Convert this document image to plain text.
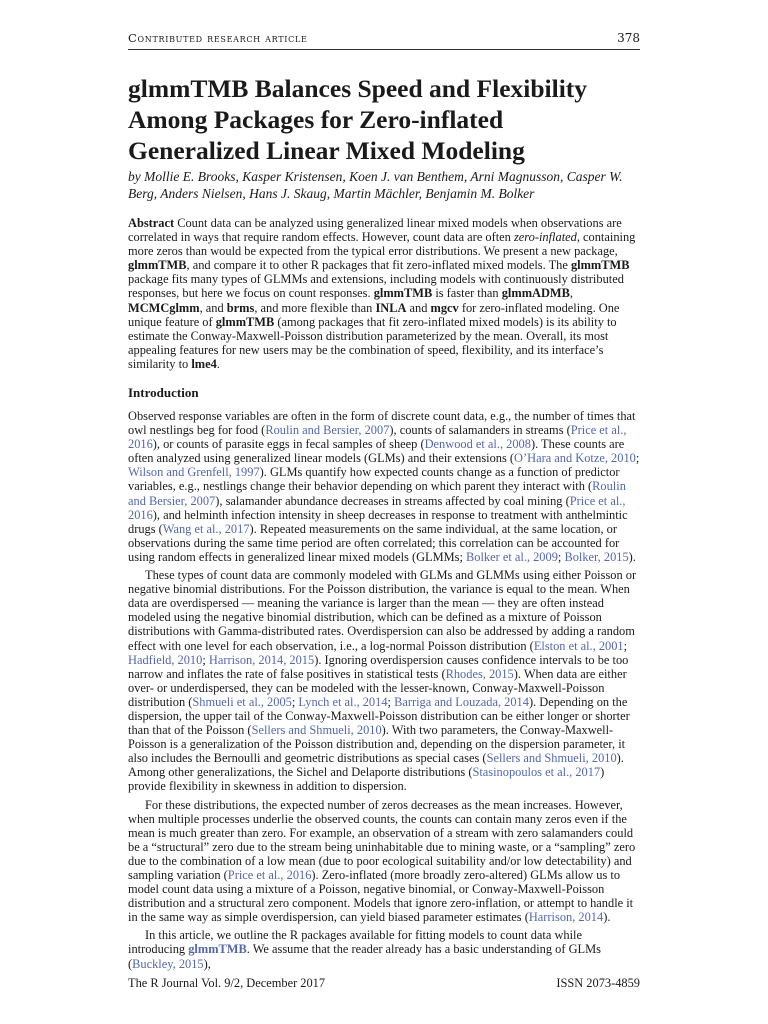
Contributed research article	378
glmmTMB Balances Speed and Flexibility Among Packages for Zero-inflated Generalized Linear Mixed Modeling

by Mollie E. Brooks, Kasper Kristensen, Koen J. van Benthem, Arni Magnusson, Casper W. Berg, Anders Nielsen, Hans J. Skaug, Martin Mächler, Benjamin M. Bolker

Abstract Count data can be analyzed using generalized linear mixed models when observations are correlated in ways that require random effects. However, count data are often zero-inflated, containing more zeros than would be expected from the typical error distributions. We present a new package, glmmTMB, and compare it to other R packages that fit zero-inflated mixed models. The glmmTMB package fits many types of GLMMs and extensions, including models with continuously distributed responses, but here we focus on count responses. glmmTMB is faster than glmmADMB, MCMCglmm, and brms, and more flexible than INLA and mgcv for zero-inflated modeling. One unique feature of glmmTMB (among packages that fit zero-inflated mixed models) is its ability to estimate the Conway-Maxwell-Poisson distribution parameterized by the mean. Overall, its most appealing features for new users may be the combination of speed, flexibility, and its interface’s similarity to lme4.

Introduction

Observed response variables are often in the form of discrete count data, e.g., the number of times that owl nestlings beg for food (Roulin and Bersier, 2007), counts of salamanders in streams (Price et al., 2016), or counts of parasite eggs in fecal samples of sheep (Denwood et al., 2008). These counts are often analyzed using generalized linear models (GLMs) and their extensions (O’Hara and Kotze, 2010; Wilson and Grenfell, 1997). GLMs quantify how expected counts change as a function of predictor variables, e.g., nestlings change their behavior depending on which parent they interact with (Roulin and Bersier, 2007), salamander abundance decreases in streams affected by coal mining (Price et al., 2016), and helminth infection intensity in sheep decreases in response to treatment with anthelmintic drugs (Wang et al., 2017). Repeated measurements on the same individual, at the same location, or observations during the same time period are often correlated; this correlation can be accounted for using random effects in generalized linear mixed models (GLMMs; Bolker et al., 2009; Bolker, 2015).

These types of count data are commonly modeled with GLMs and GLMMs using either Poisson or negative binomial distributions. For the Poisson distribution, the variance is equal to the mean. When data are overdispersed — meaning the variance is larger than the mean — they are often instead modeled using the negative binomial distribution, which can be defined as a mixture of Poisson distributions with Gamma-distributed rates. Overdispersion can also be addressed by adding a random effect with one level for each observation, i.e., a log-normal Poisson distribution (Elston et al., 2001; Hadfield, 2010; Harrison, 2014, 2015). Ignoring overdispersion causes confidence intervals to be too narrow and inflates the rate of false positives in statistical tests (Rhodes, 2015). When data are either over- or underdispersed, they can be modeled with the lesser-known, Conway-Maxwell-Poisson distribution (Shmueli et al., 2005; Lynch et al., 2014; Barriga and Louzada, 2014). Depending on the dispersion, the upper tail of the Conway-Maxwell-Poisson distribution can be either longer or shorter than that of the Poisson (Sellers and Shmueli, 2010). With two parameters, the Conway-Maxwell-Poisson is a generalization of the Poisson distribution and, depending on the dispersion parameter, it also includes the Bernoulli and geometric distributions as special cases (Sellers and Shmueli, 2010). Among other generalizations, the Sichel and Delaporte distributions (Stasinopoulos et al., 2017) provide flexibility in skewness in addition to dispersion.

For these distributions, the expected number of zeros decreases as the mean increases. However, when multiple processes underlie the observed counts, the counts can contain many zeros even if the mean is much greater than zero. For example, an observation of a stream with zero salamanders could be a “structural” zero due to the stream being uninhabitable due to mining waste, or a “sampling” zero due to the combination of a low mean (due to poor ecological suitability and/or low detectability) and sampling variation (Price et al., 2016). Zero-inflated (more broadly zero-altered) GLMs allow us to model count data using a mixture of a Poisson, negative binomial, or Conway-Maxwell-Poisson distribution and a structural zero component. Models that ignore zero-inflation, or attempt to handle it in the same way as simple overdispersion, can yield biased parameter estimates (Harrison, 2014).

In this article, we outline the R packages available for fitting models to count data while introducing glmmTMB. We assume that the reader already has a basic understanding of GLMs (Buckley, 2015),

The R Journal Vol. 9/2, December 2017	ISSN 2073-4859
